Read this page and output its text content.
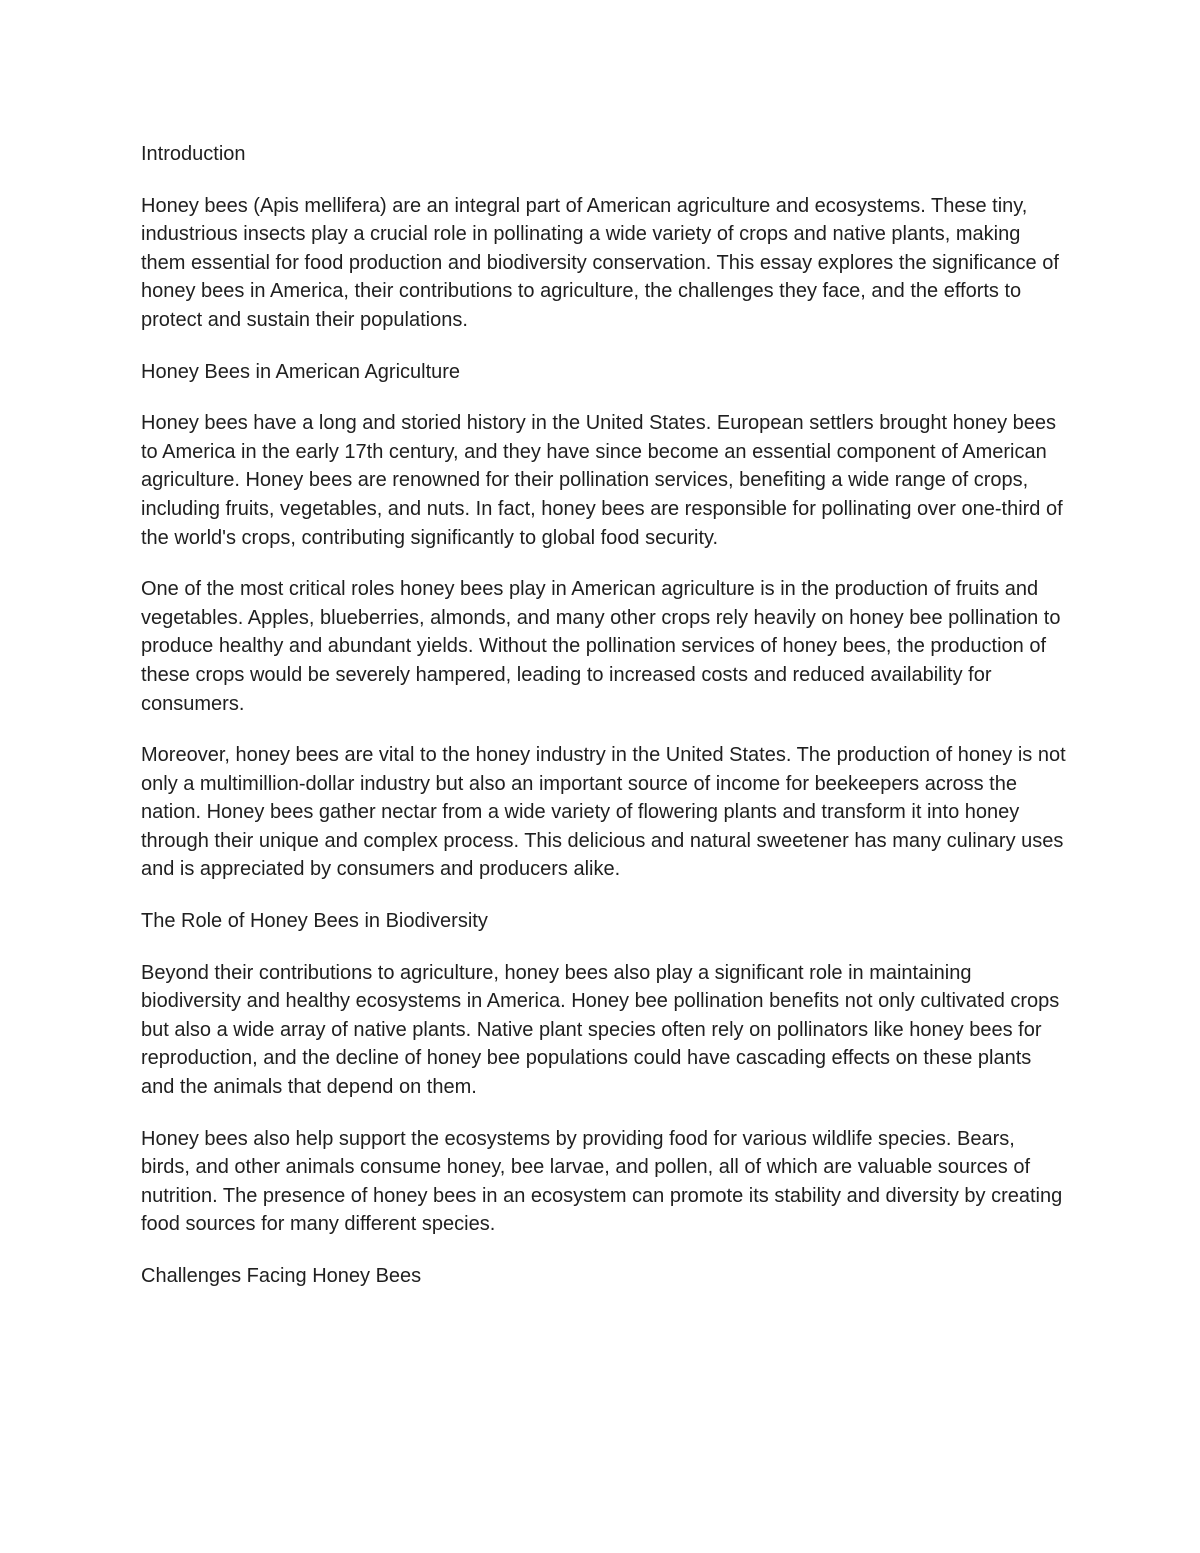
Introduction
Honey bees (Apis mellifera) are an integral part of American agriculture and ecosystems. These tiny, industrious insects play a crucial role in pollinating a wide variety of crops and native plants, making them essential for food production and biodiversity conservation. This essay explores the significance of honey bees in America, their contributions to agriculture, the challenges they face, and the efforts to protect and sustain their populations.
Honey Bees in American Agriculture
Honey bees have a long and storied history in the United States. European settlers brought honey bees to America in the early 17th century, and they have since become an essential component of American agriculture. Honey bees are renowned for their pollination services, benefiting a wide range of crops, including fruits, vegetables, and nuts. In fact, honey bees are responsible for pollinating over one-third of the world's crops, contributing significantly to global food security.
One of the most critical roles honey bees play in American agriculture is in the production of fruits and vegetables. Apples, blueberries, almonds, and many other crops rely heavily on honey bee pollination to produce healthy and abundant yields. Without the pollination services of honey bees, the production of these crops would be severely hampered, leading to increased costs and reduced availability for consumers.
Moreover, honey bees are vital to the honey industry in the United States. The production of honey is not only a multimillion-dollar industry but also an important source of income for beekeepers across the nation. Honey bees gather nectar from a wide variety of flowering plants and transform it into honey through their unique and complex process. This delicious and natural sweetener has many culinary uses and is appreciated by consumers and producers alike.
The Role of Honey Bees in Biodiversity
Beyond their contributions to agriculture, honey bees also play a significant role in maintaining biodiversity and healthy ecosystems in America. Honey bee pollination benefits not only cultivated crops but also a wide array of native plants. Native plant species often rely on pollinators like honey bees for reproduction, and the decline of honey bee populations could have cascading effects on these plants and the animals that depend on them.
Honey bees also help support the ecosystems by providing food for various wildlife species. Bears, birds, and other animals consume honey, bee larvae, and pollen, all of which are valuable sources of nutrition. The presence of honey bees in an ecosystem can promote its stability and diversity by creating food sources for many different species.
Challenges Facing Honey Bees
